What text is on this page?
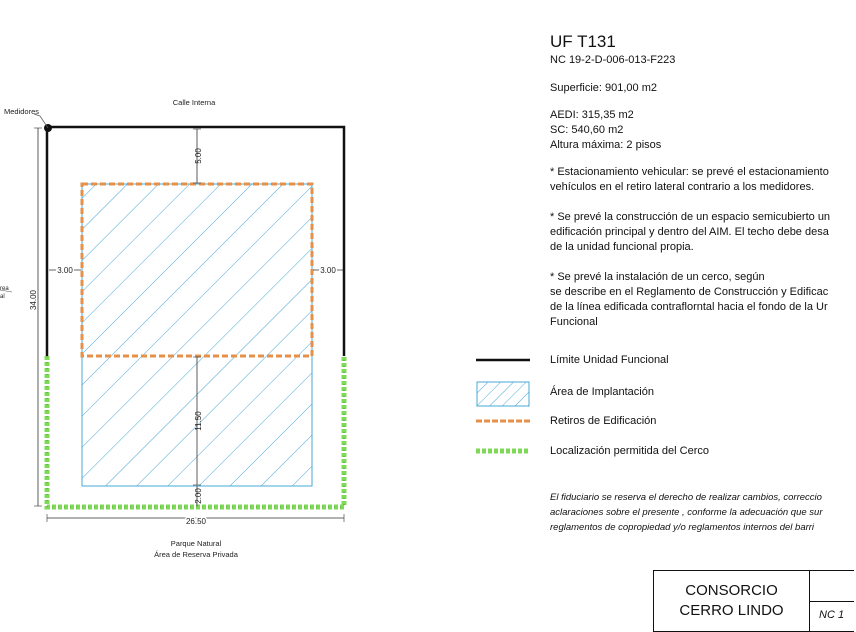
Medidores
Calle Interna
5.00
3.00	3.00
34.00
rea
al
11.50
2.00
26.50
Parque Natural
Área de Reserva Privada

UF T131

NC 19-2-D-006-013-F223

Superficie: 901,00 m2
AEDI: 315,35 m2
SC: 540,60 m2
Altura máxima: 2 pisos
* Estacionamiento vehicular: se prevé el estacionamiento
vehículos en el retiro lateral contrario a los medidores.
* Se prevé la construcción de un espacio semicubierto un
edificación principal y dentro del AIM. El techo debe desa
de la unidad funcional propia.
* Se prevé la instalación de un cerco, según
se describe en el Reglamento de Construcción y Edificac
de la línea edificada contraflorntal hacia el fondo de la Ur
Funcional
Límite Unidad Funcional
Área de Implantación
Retiros de Edificación
Localización permitida del Cerco
El fiduciario se reserva el derecho de realizar cambios, correccio
aclaraciones sobre el presente , conforme la adecuación que sur
reglamentos de copropiedad y/o reglamentos internos del barri
CONSORCIO
CERRO LINDO	NC 1
